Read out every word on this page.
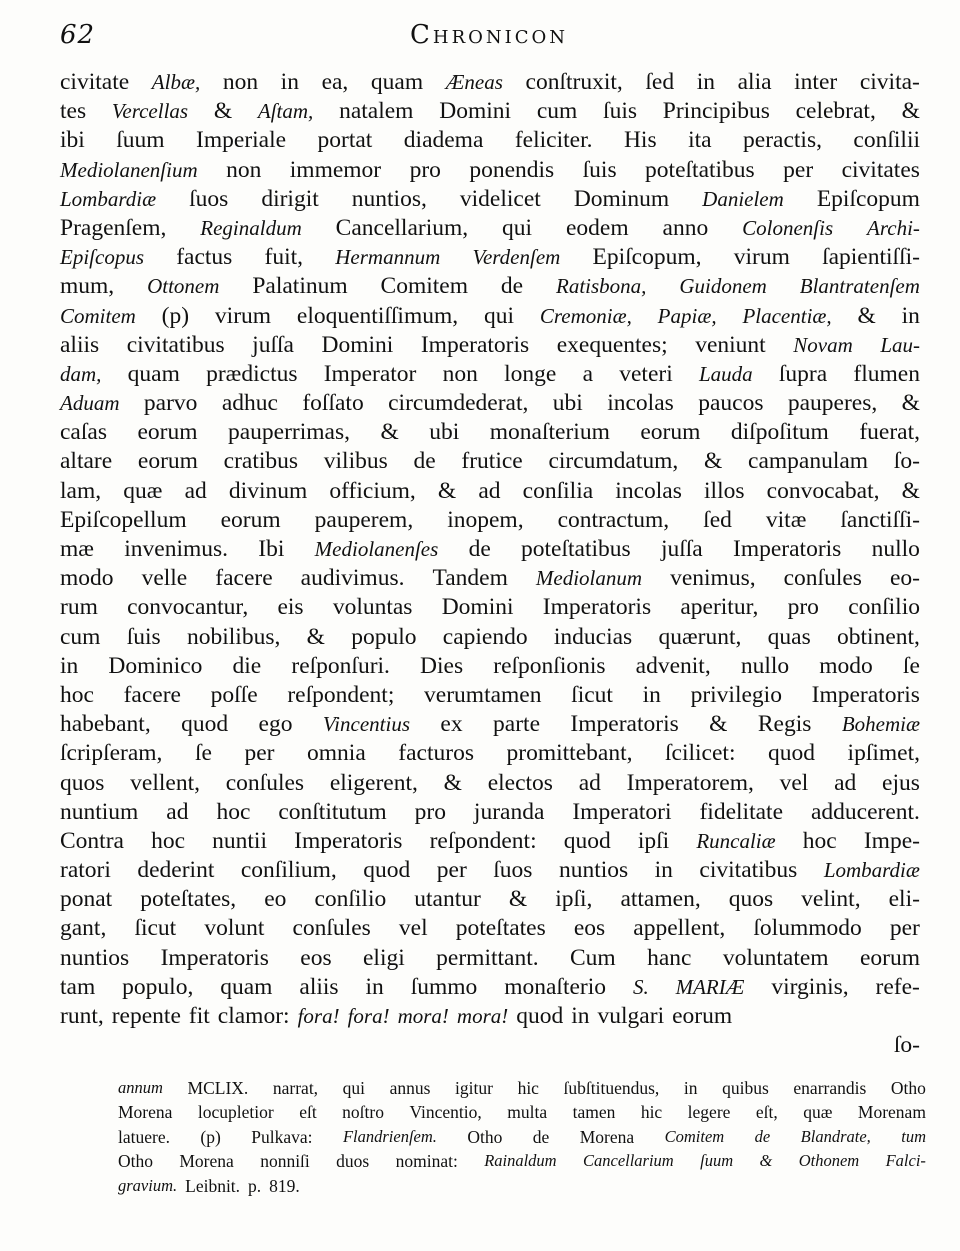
62	Chronicon
civitate Albæ, non in ea, quam Æneas conſtruxit, ſed in alia inter civita-
tes Vercellas & Aſtam, natalem Domini cum ſuis Principibus celebrat, &
ibi ſuum Imperiale portat diadema feliciter. His ita peractis, conſilii
Mediolanenſium non immemor pro ponendis ſuis poteſtatibus per civitates
Lombardiæ ſuos dirigit nuntios, videlicet Dominum Danielem Epiſcopum
Pragenſem, Reginaldum Cancellarium, qui eodem anno Colonenſis Archi-
Epiſcopus factus fuit, Hermannum Verdenſem Epiſcopum, virum ſapientiſſi-
mum, Ottonem Palatinum Comitem de Ratisbona, Guidonem Blantratenſem
Comitem (p) virum eloquentiſſimum, qui Cremoniæ, Papiæ, Placentiæ, & in
aliis civitatibus juſſa Domini Imperatoris exequentes; veniunt Novam Lau-
dam, quam prædictus Imperator non longe a veteri Lauda ſupra flumen
Aduam parvo adhuc foſſato circumdederat, ubi incolas paucos pauperes, &
caſas eorum pauperrimas, & ubi monaſterium eorum diſpoſitum fuerat,
altare eorum cratibus vilibus de frutice circumdatum, & campanulam ſo-
lam, quæ ad divinum officium, & ad conſilia incolas illos convocabat, &
Epiſcopellum eorum pauperem, inopem, contractum, ſed vitæ ſanctiſſi-
mæ invenimus. Ibi Mediolanenſes de poteſtatibus juſſa Imperatoris nullo
modo velle facere audivimus. Tandem Mediolanum venimus, conſules eo-
rum convocantur, eis voluntas Domini Imperatoris aperitur, pro conſilio
cum ſuis nobilibus, & populo capiendo inducias quærunt, quas obtinent,
in Dominico die reſponſuri. Dies reſponſionis advenit, nullo modo ſe
hoc facere poſſe reſpondent; verumtamen ſicut in privilegio Imperatoris
habebant, quod ego Vincentius ex parte Imperatoris & Regis Bohemiæ
ſcripſeram, ſe per omnia facturos promittebant, ſcilicet: quod ipſimet,
quos vellent, conſules eligerent, & electos ad Imperatorem, vel ad ejus
nuntium ad hoc conſtitutum pro juranda Imperatori fidelitate adducerent.
Contra hoc nuntii Imperatoris reſpondent: quod ipſi Runcaliæ hoc Impe-
ratori dederint conſilium, quod per ſuos nuntios in civitatibus Lombardiæ
ponat poteſtates, eo conſilio utantur & ipſi, attamen, quos velint, eli-
gant, ſicut volunt conſules vel poteſtates eos appellent, ſolummodo per
nuntios Imperatoris eos eligi permittant. Cum hanc voluntatem eorum
tam populo, quam aliis in ſummo monaſterio S. MARIÆ virginis, refe-
runt, repente fit clamor: fora! fora! mora! mora! quod in vulgari eorum
ſo-
annum MCLIX. narrat, qui annus igitur hic ſubſtituendus, in quibus enarrandis Otho
Morena locupletior eſt noſtro Vincentio, multa tamen hic legere eſt, quæ Morenam
latuere. (p) Pulkava: Flandrienſem. Otho de Morena Comitem de Blandrate, tum
Otho Morena nonniſi duos nominat: Rainaldum Cancellarium ſuum & Othonem Falci-
gravium. Leibnit. p. 819.
